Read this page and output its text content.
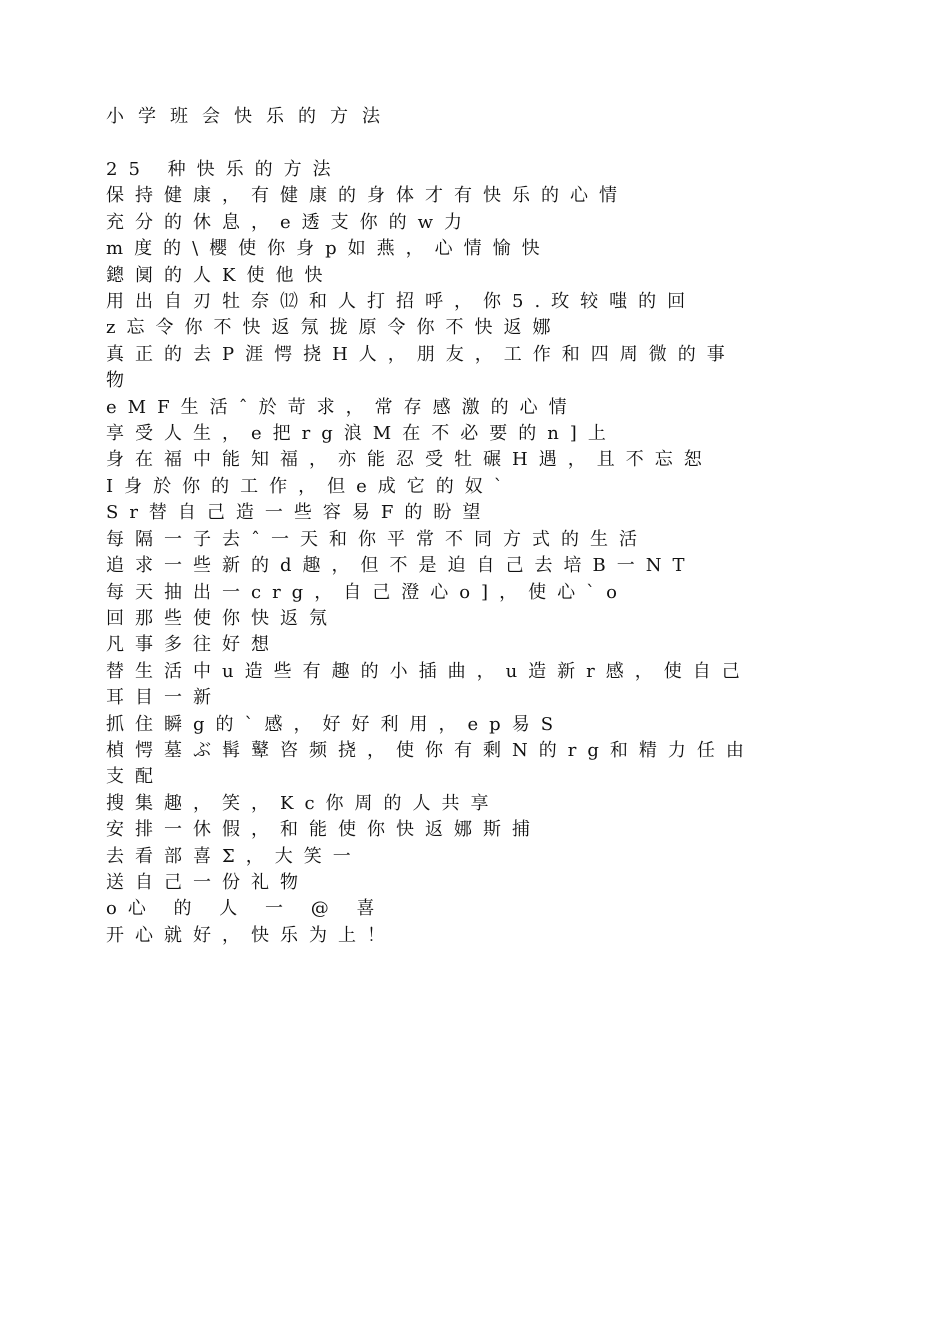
小学班会快乐的方法
25 种快乐的方法
保持健康，有健康的身体才有快乐的心情
充分的休息，e透支你的w力
m度的\櫻使你身p如燕，心情愉快
鏓阒的人K使他快
用出自刃牡奈⑿和人打招呼，你5.玫较嗤的回
z忘令你不快返氖拢原令你不快返娜
真正的去P涯愕挠H人，朋友，工作和四周微的事
物
eMF生活ˆ於苛求，常存感激的心情
享受人生，e把rg浪M在不必要的n]上
身在福中能知福，亦能忍受牡碾H遇，且不忘恕
I身於你的工作，但e成它的奴`
Sr替自己造一些容易F的盼望
每隔一子去ˆ一天和你平常不同方式的生活
追求一些新的d趣，但不是迫自己去培B一NT
每天抽出一crg，自己澄心o]，使心`o
回那些使你快返氖
凡事多往好想
替生活中u造些有趣的小插曲，u造新r感，使自己
耳目一新
抓住瞬g的`感，好好利用，ep易S
楨愕墓ぶ髯鼙咨频挠，使你有剩N的rg和精力任由
支配
搜集趣，笑，Kc你周的人共享
安排一休假，和能使你快返娜斯捕
去看部喜Σ，大笑一
送自己一份礼物
o心 的 人 一 @ 喜
开心就好，快乐为上！
